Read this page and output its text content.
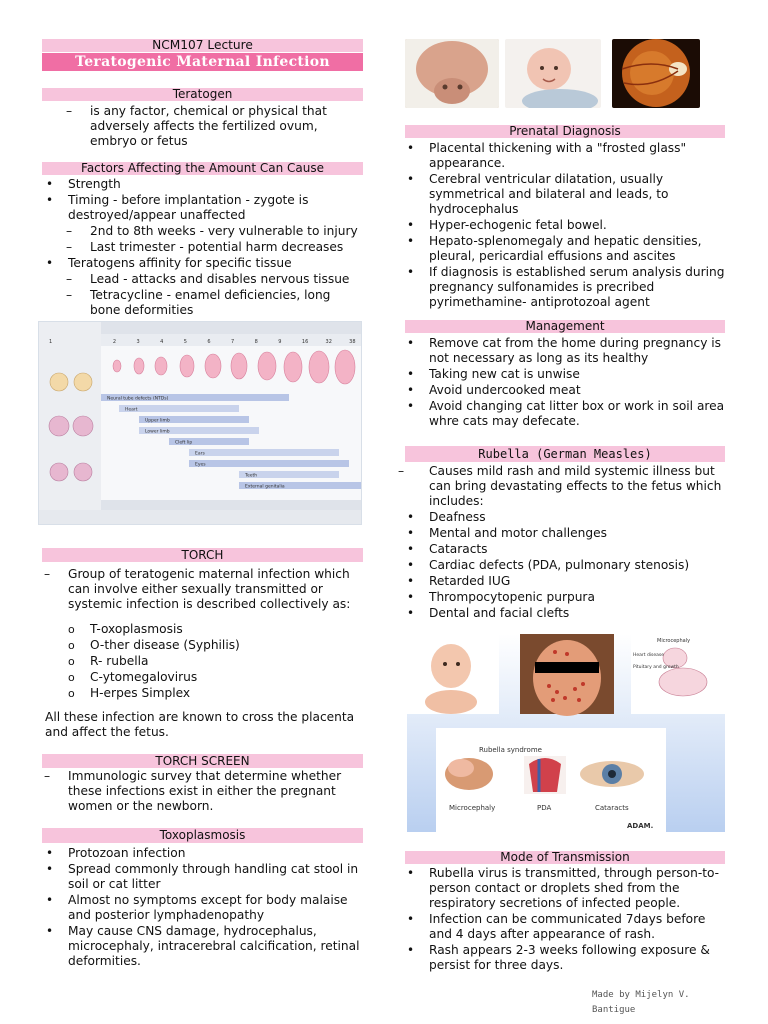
NCM107 Lecture
Teratogenic Maternal Infection
Teratogen
– is any factor, chemical or physical that adversely affects the fertilized ovum, embryo or fetus
Factors Affecting the Amount Can Cause
• Strength
• Timing - before implantation - zygote is destroyed/appear unaffected
– 2nd to 8th weeks - very vulnerable to injury
– Last trimester - potential harm decreases
• Teratogens affinity for specific tissue
– Lead - attacks and disables nervous tissue
– Tetracycline - enamel deficiencies, long bone deformities
1	2	3	4	5	6	7	8	9	16	32	38
Neural tube defects (NTDs)
Heart
Upper limb
Lower limb
Cleft lip
Ears
Eyes
Teeth
External genitalia
TORCH
– Group of teratogenic maternal infection which can involve either sexually transmitted or systemic infection is described collectively as:
o T-oxoplasmosis
o O-ther disease (Syphilis)
o R- rubella
o C-ytomegalovirus
o H-erpes Simplex
All these infection are known to cross the placenta and affect the fetus.
TORCH SCREEN
– Immunologic survey that determine whether these infections exist in either the pregnant women or the newborn.
Toxoplasmosis
• Protozoan infection
• Spread commonly through handling cat stool in soil or cat litter
• Almost no symptoms except for body malaise and posterior lymphadenopathy
• May cause CNS damage, hydrocephalus, microcephaly, intracerebral calcification, retinal deformities.
Prenatal Diagnosis
• Placental thickening with a "frosted glass" appearance.
• Cerebral ventricular dilatation, usually symmetrical and bilateral and leads, to hydrocephalus
• Hyper-echogenic fetal bowel.
• Hepato-splenomegaly and hepatic densities, pleural, pericardial effusions and ascites
• If diagnosis is established serum analysis during pregnancy sulfonamides is precribed pyrimethamine- antiprotozoal agent
Management
• Remove cat from the home during pregnancy is not necessary as long as its healthy
• Taking new cat is unwise
• Avoid undercooked meat
• Avoid changing cat litter box or work in soil area whre cats may defecate.
Rubella (German Measles)
– Causes mild rash and mild systemic illness but can bring devastating effects to the fetus which includes:
• Deafness
• Mental and motor challenges
• Cataracts
• Cardiac defects (PDA, pulmonary stenosis)
• Retarded IUG
• Thrompocytopenic purpura
• Dental and facial clefts
Microcephaly
Heart disease
Pituitary and growth
Rubella syndrome
Microcephaly	PDA	Cataracts
ADAM.
Mode of Transmission
• Rubella virus is transmitted, through person-to-person contact or droplets shed from the respiratory secretions of infected people.
• Infection can be communicated 7days before and 4 days after appearance of rash.
• Rash appears 2-3 weeks following exposure & persist for three days.
Made by Mijelyn V. Bantigue
